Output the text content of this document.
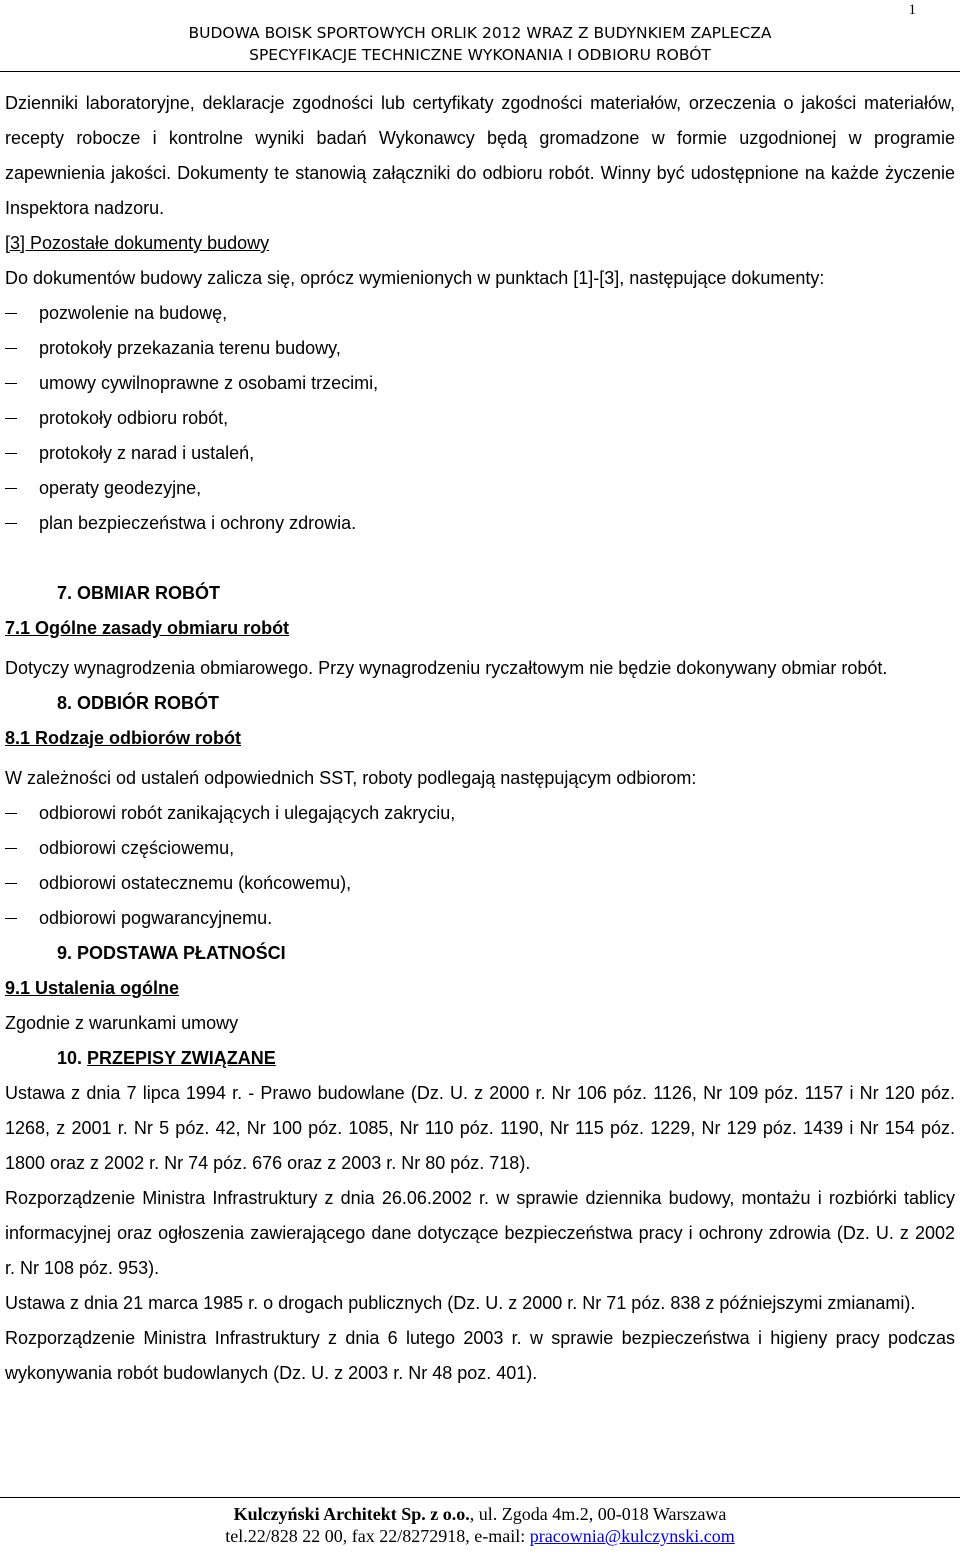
1
BUDOWA BOISK SPORTOWYCH ORLIK 2012 WRAZ Z BUDYNKIEM ZAPLECZA
SPECYFIKACJE TECHNICZNE WYKONANIA I ODBIORU ROBÓT

Dzienniki laboratoryjne, deklaracje zgodności lub certyfikaty zgodności materiałów, orzeczenia o jakości materiałów, recepty robocze i kontrolne wyniki badań Wykonawcy będą gromadzone w formie uzgodnionej w programie zapewnienia jakości. Dokumenty te stanowią załączniki do odbioru robót. Winny być udostępnione na każde życzenie Inspektora nadzoru.

[3] Pozostałe dokumenty budowy

Do dokumentów budowy zalicza się, oprócz wymienionych w punktach [1]-[3], następujące dokumenty:

pozwolenie na budowę,
protokoły przekazania terenu budowy,
umowy cywilnoprawne z osobami trzecimi,
protokoły odbioru robót,
protokoły z narad i ustaleń,
operaty geodezyjne,
plan bezpieczeństwa i ochrony zdrowia.

7. OBMIAR ROBÓT

7.1 Ogólne zasady obmiaru robót

Dotyczy wynagrodzenia obmiarowego. Przy wynagrodzeniu ryczałtowym nie będzie dokonywany obmiar robót.

8. ODBIÓR ROBÓT

8.1 Rodzaje odbiorów robót

W zależności od ustaleń odpowiednich SST, roboty podlegają następującym odbiorom:

odbiorowi robót zanikających i ulegających zakryciu,
odbiorowi częściowemu,
odbiorowi ostatecznemu (końcowemu),
odbiorowi pogwarancyjnemu.

9. PODSTAWA PŁATNOŚCI

9.1 Ustalenia ogólne

Zgodnie z warunkami umowy

10. PRZEPISY ZWIĄZANE

Ustawa z dnia 7 lipca 1994 r. - Prawo budowlane (Dz. U. z 2000 r. Nr 106 póz. 1126, Nr 109 póz. 1157 i Nr 120 póz. 1268, z 2001 r. Nr 5 póz. 42, Nr 100 póz. 1085, Nr 110 póz. 1190, Nr 115 póz. 1229, Nr 129 póz. 1439 i Nr 154 póz. 1800 oraz z 2002 r. Nr 74 póz. 676 oraz z 2003 r. Nr 80 póz. 718).

Rozporządzenie Ministra Infrastruktury z dnia 26.06.2002 r. w sprawie dziennika budowy, montażu i rozbiórki tablicy informacyjnej oraz ogłoszenia zawierającego dane dotyczące bezpieczeństwa pracy i ochrony zdrowia (Dz. U. z 2002 r. Nr 108 póz. 953).

Ustawa z dnia 21 marca 1985 r. o drogach publicznych (Dz. U. z 2000 r. Nr 71 póz. 838 z późniejszymi zmianami).

Rozporządzenie Ministra Infrastruktury z dnia 6 lutego 2003 r. w sprawie bezpieczeństwa i higieny pracy podczas wykonywania robót budowlanych (Dz. U. z 2003 r. Nr 48 poz. 401).

Kulczyński Architekt Sp. z o.o., ul. Zgoda 4m.2, 00-018 Warszawa
tel.22/828 22 00, fax 22/8272918, e-mail: pracownia@kulczynski.com
